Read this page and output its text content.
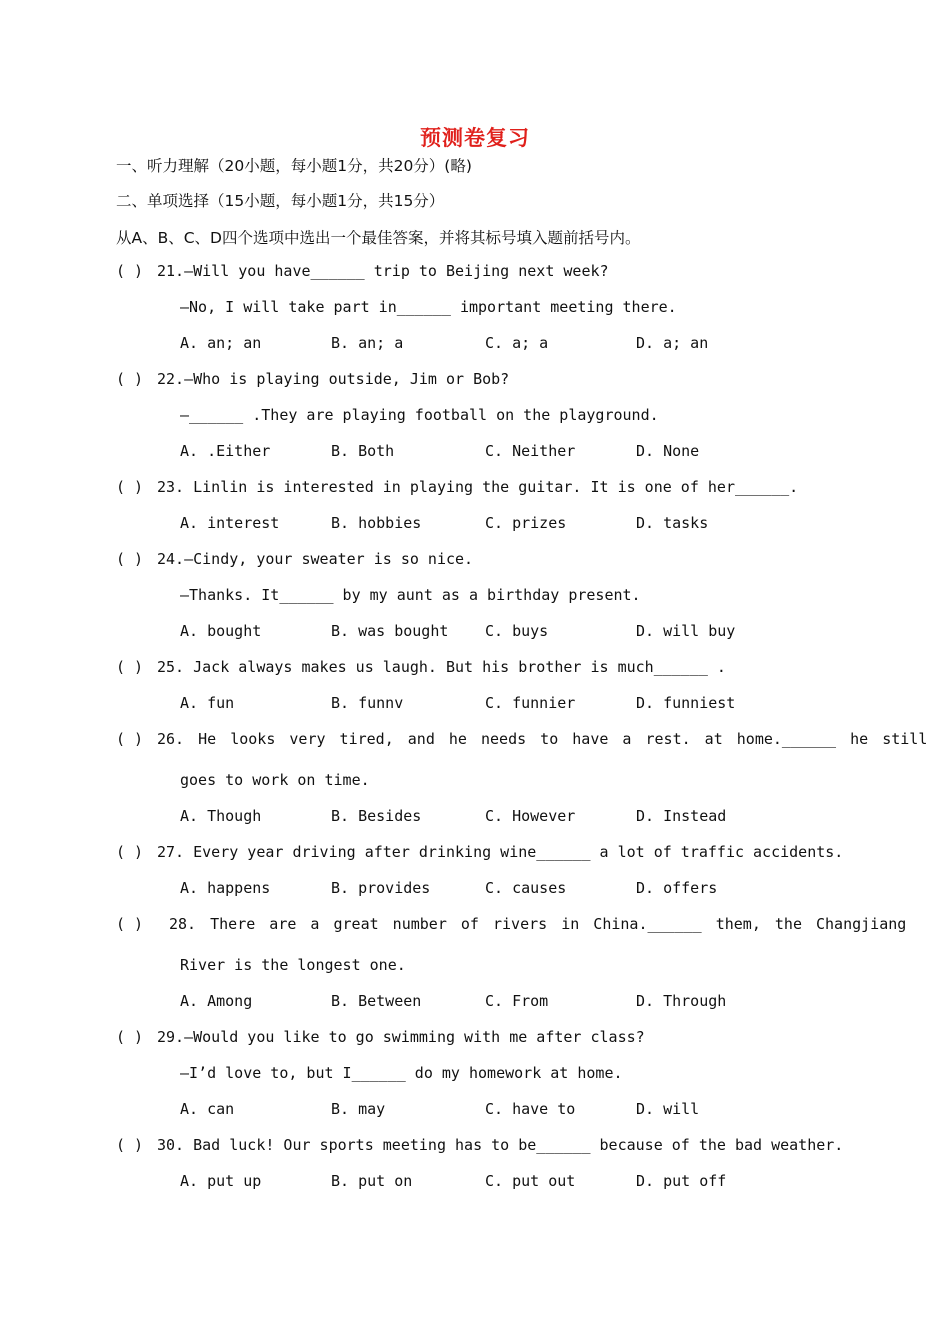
预测卷复习
一、听力理解（20小题，每小题1分，共20分）(略)
二、单项选择（15小题，每小题1分，共15分）
从A、B、C、D四个选项中选出一个最佳答案，并将其标号填入题前括号内。
( ) 21.—Will you have______ trip to Beijing next week?
—No, I will take part in______ important meeting there.
A. an; an	B. an; a	C. a; a	D. a; an
( ) 22.—Who is playing outside, Jim or Bob?
—______ .They are playing football on the playground.
A. .Either	B. Both	C. Neither	D. None
( ) 23. Linlin is interested in playing the guitar. It is one of her______.
A. interest	B. hobbies	C. prizes	D. tasks
( ) 24.—Cindy, your sweater is so nice.
—Thanks. It______ by my aunt as a birthday present.
A. bought	B. was bought C. buys	D. will buy
( ) 25. Jack always makes us laugh. But his brother is much______ .
A. fun	B. funnv	C. funnier	D. funniest
( ) 26. He looks very tired, and he needs to have a rest. at home.______ he still
goes to work on time.
A. Though	B. Besides	C. However	D. Instead
( ) 27. Every year driving after drinking wine______ a lot of traffic accidents.
A. happens	B. provides	C. causes	D. offers
( ) 28. There are a great number of rivers in China.______ them, the Changjiang
River is the longest one.
A. Among	B. Between	C. From	D. Through
( ) 29.—Would you like to go swimming with me after class?
—I’d love to, but I______ do my homework at home.
A. can	B. may	C. have to	D. will
( ) 30. Bad luck! Our sports meeting has to be______ because of the bad weather.
A. put up	B. put on	C. put out	D. put off
